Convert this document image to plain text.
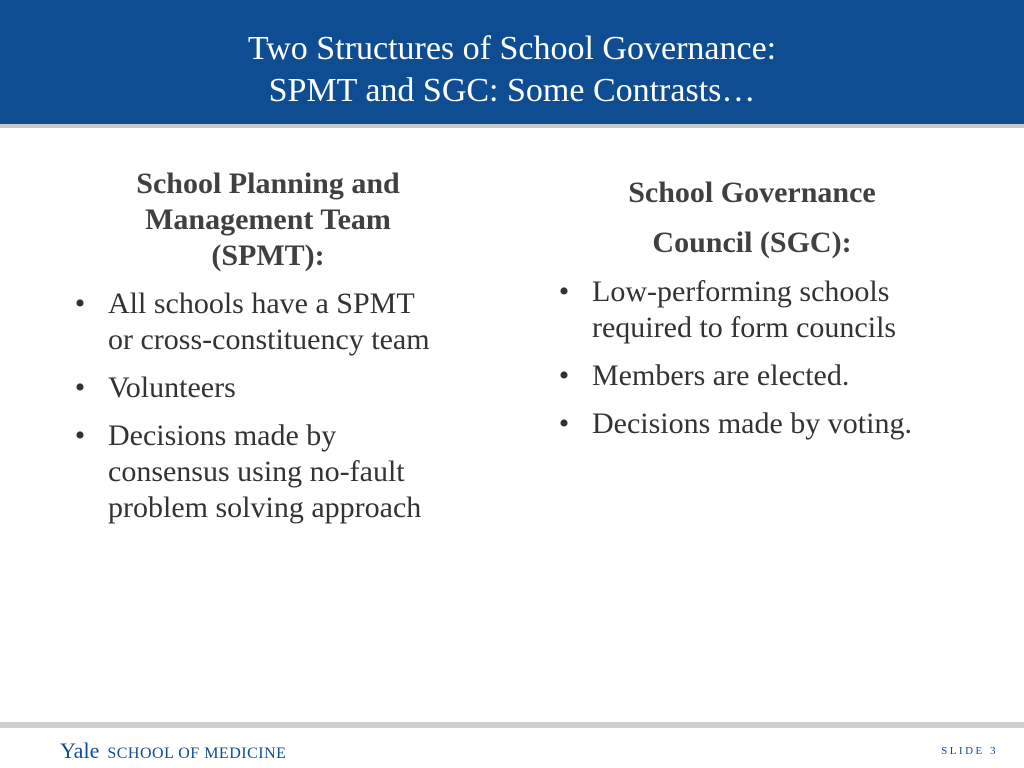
Two Structures of School Governance:
SPMT and SGC: Some Contrasts…
School Planning and
Management Team
(SPMT):
• All schools have a SPMT or cross-constituency team
• Volunteers
• Decisions made by consensus using no-fault problem solving approach
School Governance
Council (SGC):
• Low-performing schools required to form councils
• Members are elected.
• Decisions made by voting.
Yale SCHOOL OF MEDICINE	SLIDE 3
